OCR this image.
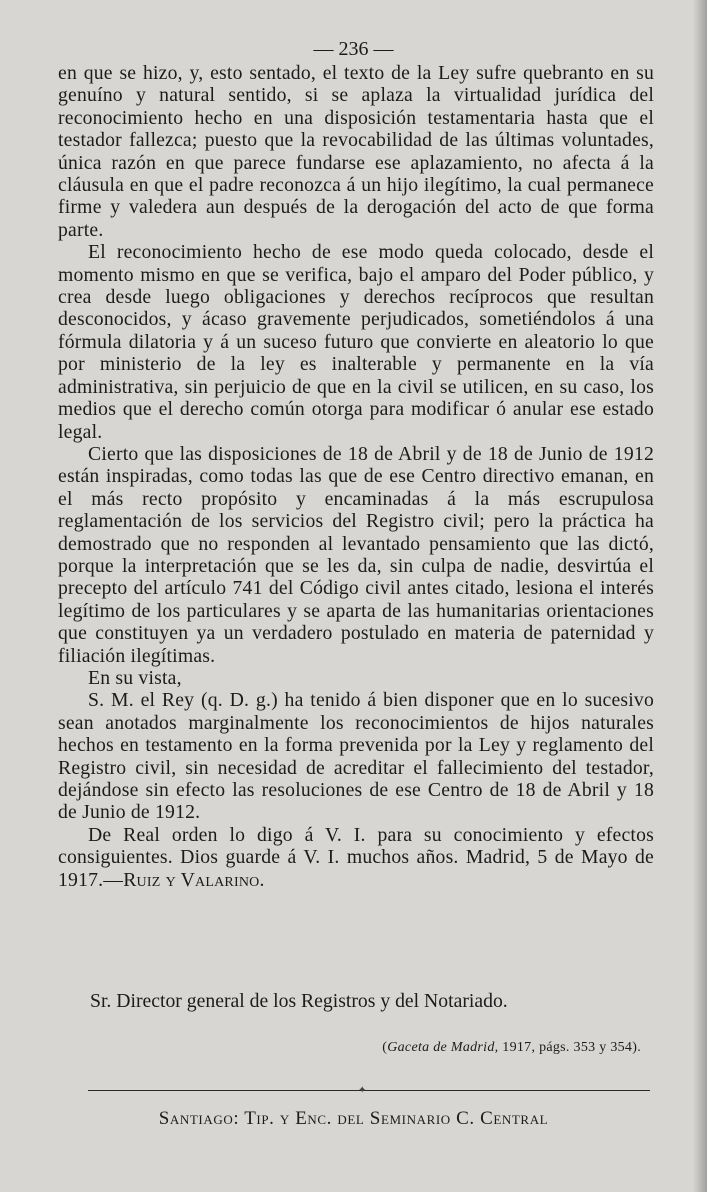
— 236 —

en que se hizo, y, esto sentado, el texto de la Ley sufre quebranto en su genuíno y natural sentido, si se aplaza la virtualidad jurídica del reconocimiento hecho en una disposición testamentaria hasta que el testador fallezca; puesto que la revocabilidad de las últimas voluntades, única razón en que parece fundarse ese aplazamiento, no afecta á la cláusula en que el padre reconozca á un hijo ilegítimo, la cual permanece firme y valedera aun después de la derogación del acto de que forma parte.

El reconocimiento hecho de ese modo queda colocado, desde el momento mismo en que se verifica, bajo el amparo del Poder público, y crea desde luego obligaciones y derechos recíprocos que resultan desconocidos, y ácaso gravemente perjudicados, sometiéndolos á una fórmula dilatoria y á un suceso futuro que convierte en aleatorio lo que por ministerio de la ley es inalterable y permanente en la vía administrativa, sin perjuicio de que en la civil se utilicen, en su caso, los medios que el derecho común otorga para modificar ó anular ese estado legal.

Cierto que las disposiciones de 18 de Abril y de 18 de Junio de 1912 están inspiradas, como todas las que de ese Centro directivo emanan, en el más recto propósito y encaminadas á la más escrupulosa reglamentación de los servicios del Registro civil; pero la práctica ha demostrado que no responden al levantado pensamiento que las dictó, porque la interpretación que se les da, sin culpa de nadie, desvirtúa el precepto del artículo 741 del Código civil antes citado, lesiona el interés legítimo de los particulares y se aparta de las humanitarias orientaciones que constituyen ya un verdadero postulado en materia de paternidad y filiación ilegítimas.

En su vista,

S. M. el Rey (q. D. g.) ha tenido á bien disponer que en lo sucesivo sean anotados marginalmente los reconocimientos de hijos naturales hechos en testamento en la forma prevenida por la Ley y reglamento del Registro civil, sin necesidad de acreditar el fallecimiento del testador, dejándose sin efecto las resoluciones de ese Centro de 18 de Abril y 18 de Junio de 1912.

De Real orden lo digo á V. I. para su conocimiento y efectos consiguientes. Dios guarde á V. I. muchos años. Madrid, 5 de Mayo de 1917.—Ruiz y Valarino.

Sr. Director general de los Registros y del Notariado.
(Gaceta de Madrid, 1917, págs. 353 y 354).
✦
Santiago: Tip. y Enc. del Seminario C. Central
